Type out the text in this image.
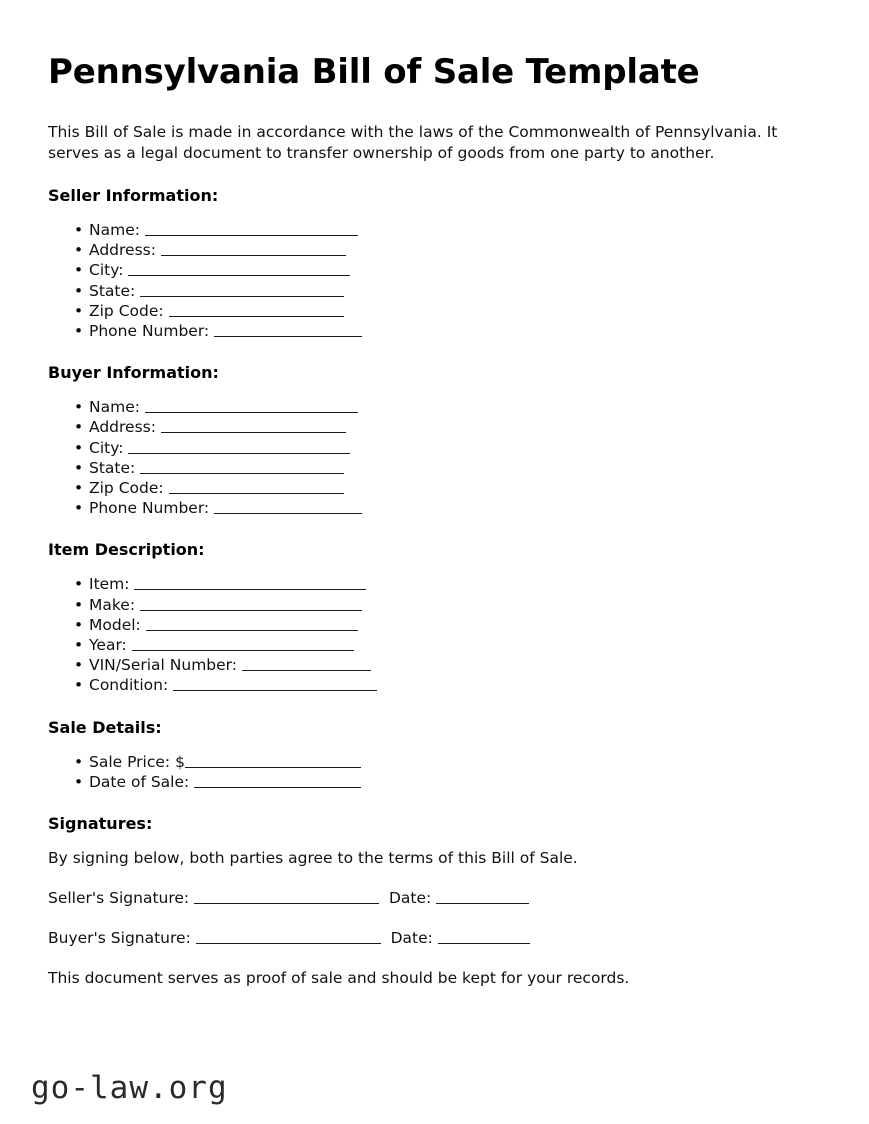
Pennsylvania Bill of Sale Template

This Bill of Sale is made in accordance with the laws of the Commonwealth of Pennsylvania. It serves as a legal document to transfer ownership of goods from one party to another.

Seller Information:
• Name:
• Address:
• City:
• State:
• Zip Code:
• Phone Number:
Buyer Information:
• Name:
• Address:
• City:
• State:
• Zip Code:
• Phone Number:
Item Description:
• Item:
• Make:
• Model:
• Year:
• VIN/Serial Number:
• Condition:
Sale Details:
• Sale Price: $
• Date of Sale:
Signatures:

By signing below, both parties agree to the terms of this Bill of Sale.

Seller's Signature:	Date:

Buyer's Signature:	Date:

This document serves as proof of sale and should be kept for your records.

go-law.org
